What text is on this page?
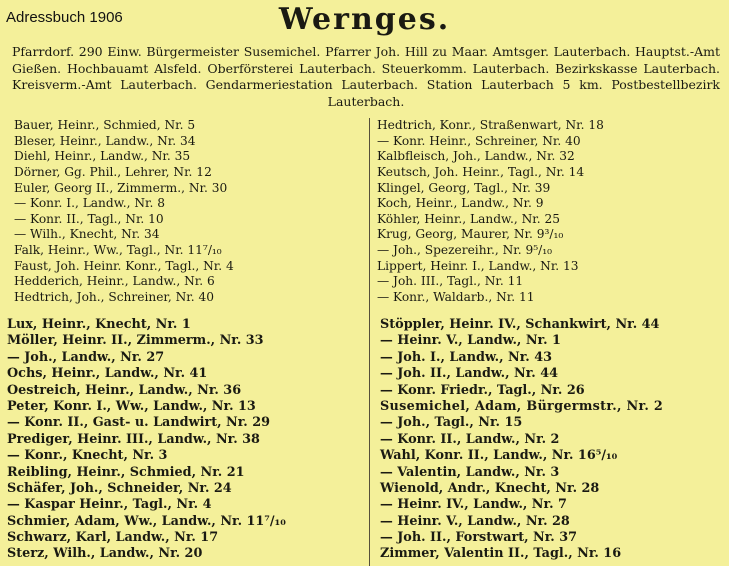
Adressbuch 1906	Wernges.

Pfarrdorf. 290 Einw. Bürgermeister Susemichel. Pfarrer Joh. Hill zu Maar. Amtsger. Lauterbach. Hauptst.-Amt Gießen. Hochbauamt Alsfeld. Oberförsterei Lauterbach. Steuerkomm. Lauterbach. Bezirkskasse Lauterbach. Kreisverm.-Amt Lauterbach. Gendarmeriestation Lauterbach. Station Lauterbach 5 km. Postbestellbezirk Lauterbach.

Bauer, Heinr., Schmied, Nr. 5
Bleser, Heinr., Landw., Nr. 34
Diehl, Heinr., Landw., Nr. 35
Dörner, Gg. Phil., Lehrer, Nr. 12
Euler, Georg II., Zimmerm., Nr. 30
— Konr. I., Landw., Nr. 8
— Konr. II., Tagl., Nr. 10
— Wilh., Knecht, Nr. 34
Falk, Heinr., Ww., Tagl., Nr. 11⁷/₁₀
Faust, Joh. Heinr. Konr., Tagl., Nr. 4
Hedderich, Heinr., Landw., Nr. 6
Hedtrich, Joh., Schreiner, Nr. 40
Hedtrich, Konr., Straßenwart, Nr. 18
— Konr. Heinr., Schreiner, Nr. 40
Kalbfleisch, Joh., Landw., Nr. 32
Keutsch, Joh. Heinr., Tagl., Nr. 14
Klingel, Georg, Tagl., Nr. 39
Koch, Heinr., Landw., Nr. 9
Köhler, Heinr., Landw., Nr. 25
Krug, Georg, Maurer, Nr. 9³/₁₀
— Joh., Spezereihr., Nr. 9⁵/₁₀
Lippert, Heinr. I., Landw., Nr. 13
— Joh. III., Tagl., Nr. 11
— Konr., Waldarb., Nr. 11
Lux, Heinr., Knecht, Nr. 1
Möller, Heinr. II., Zimmerm., Nr. 33
— Joh., Landw., Nr. 27
Ochs, Heinr., Landw., Nr. 41
Oestreich, Heinr., Landw., Nr. 36
Peter, Konr. I., Ww., Landw., Nr. 13
— Konr. II., Gast- u. Landwirt, Nr. 29
Prediger, Heinr. III., Landw., Nr. 38
— Konr., Knecht, Nr. 3
Reibling, Heinr., Schmied, Nr. 21
Schäfer, Joh., Schneider, Nr. 24
— Kaspar Heinr., Tagl., Nr. 4
Schmier, Adam, Ww., Landw., Nr. 11⁷/₁₀
Schwarz, Karl, Landw., Nr. 17
Sterz, Wilh., Landw., Nr. 20
Stöppler, Heinr. IV., Schankwirt, Nr. 44
— Heinr. V., Landw., Nr. 1
— Joh. I., Landw., Nr. 43
— Joh. II., Landw., Nr. 44
— Konr. Friedr., Tagl., Nr. 26
Susemichel, Adam, Bürgermstr., Nr. 2
— Joh., Tagl., Nr. 15
— Konr. II., Landw., Nr. 2
Wahl, Konr. II., Landw., Nr. 16⁵/₁₀
— Valentin, Landw., Nr. 3
Wienold, Andr., Knecht, Nr. 28
— Heinr. IV., Landw., Nr. 7
— Heinr. V., Landw., Nr. 28
— Joh. II., Forstwart, Nr. 37
Zimmer, Valentin II., Tagl., Nr. 16
